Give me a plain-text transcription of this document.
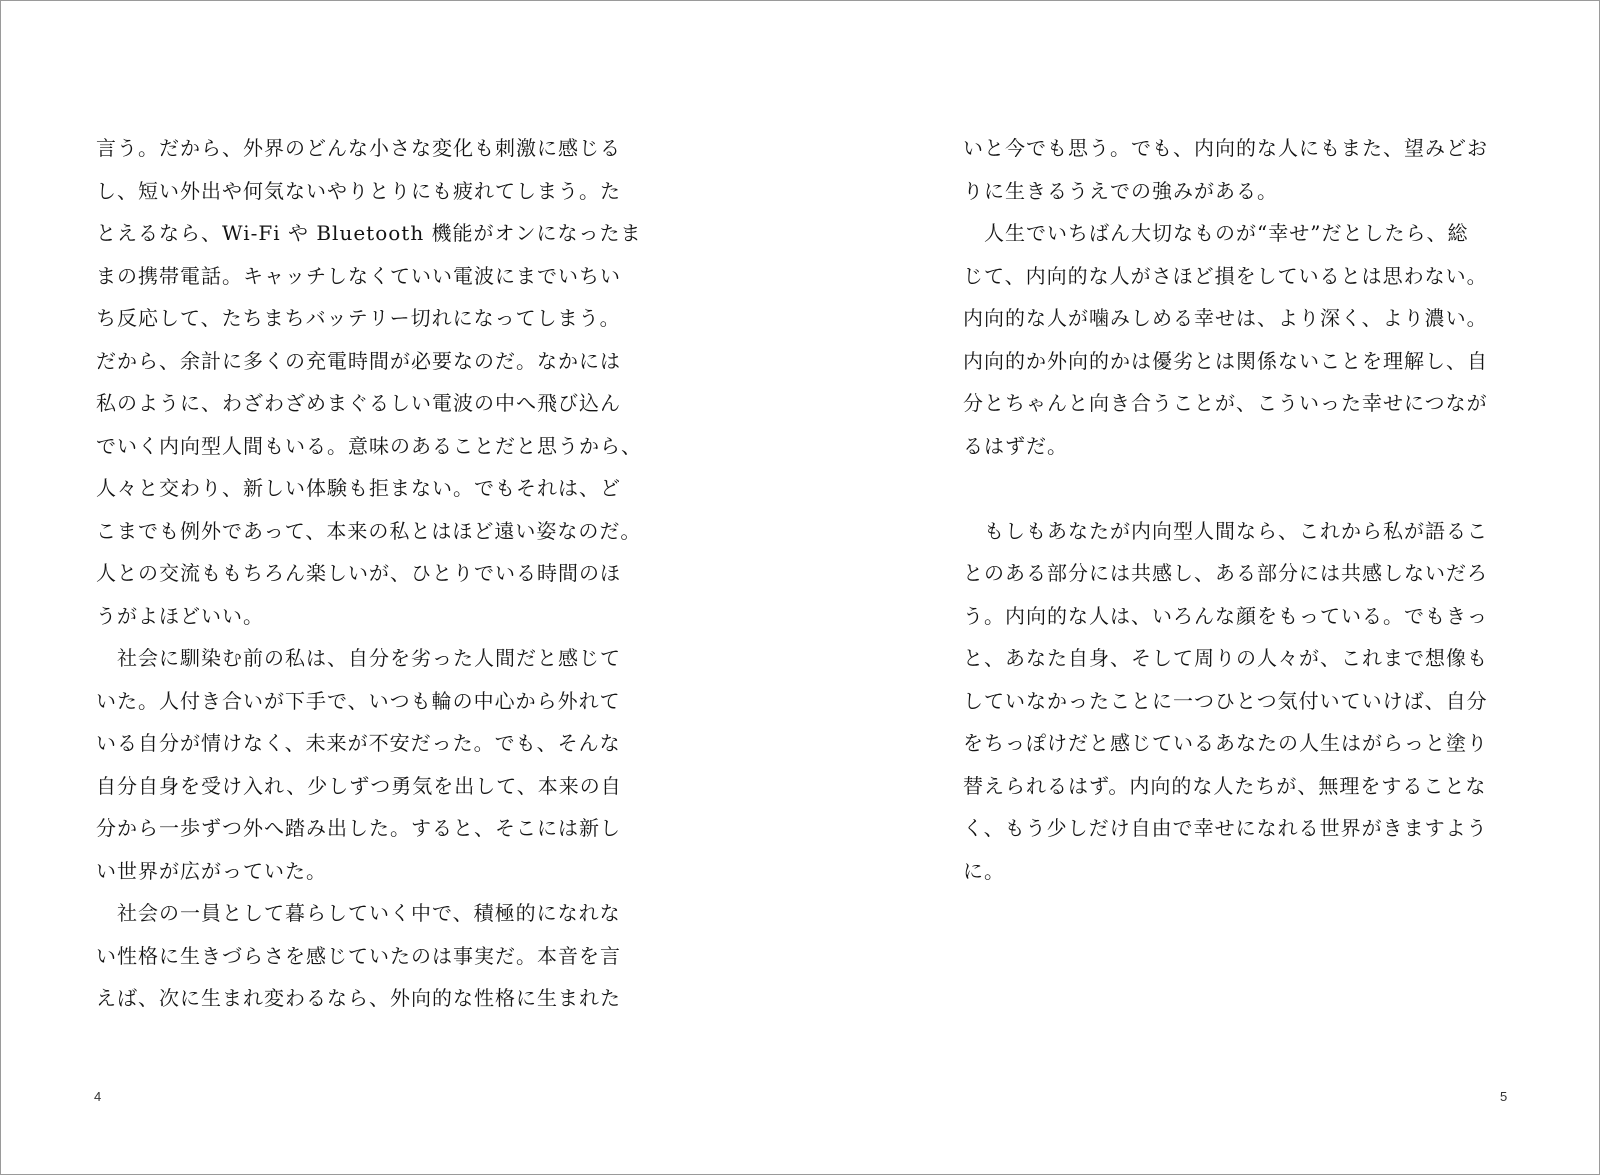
言う。だから、外界のどんな小さな変化も刺激に感じる
し、短い外出や何気ないやりとりにも疲れてしまう。た
とえるなら、Wi-Fi や Bluetooth 機能がオンになったま
まの携帯電話。キャッチしなくていい電波にまでいちい
ち反応して、たちまちバッテリー切れになってしまう。
だから、余計に多くの充電時間が必要なのだ。なかには
私のように、わざわざめまぐるしい電波の中へ飛び込ん
でいく内向型人間もいる。意味のあることだと思うから、
人々と交わり、新しい体験も拒まない。でもそれは、ど
こまでも例外であって、本来の私とはほど遠い姿なのだ。
人との交流ももちろん楽しいが、ひとりでいる時間のほ
うがよほどいい。
　社会に馴染む前の私は、自分を劣った人間だと感じて
いた。人付き合いが下手で、いつも輪の中心から外れて
いる自分が情けなく、未来が不安だった。でも、そんな
自分自身を受け入れ、少しずつ勇気を出して、本来の自
分から一歩ずつ外へ踏み出した。すると、そこには新し
い世界が広がっていた。
　社会の一員として暮らしていく中で、積極的になれな
い性格に生きづらさを感じていたのは事実だ。本音を言
えば、次に生まれ変わるなら、外向的な性格に生まれた
4
いと今でも思う。でも、内向的な人にもまた、望みどお
りに生きるうえでの強みがある。
　人生でいちばん大切なものが“幸せ”だとしたら、総
じて、内向的な人がさほど損をしているとは思わない。
内向的な人が噛みしめる幸せは、より深く、より濃い。
内向的か外向的かは優劣とは関係ないことを理解し、自
分とちゃんと向き合うことが、こういった幸せにつなが
るはずだ。
　もしもあなたが内向型人間なら、これから私が語るこ
とのある部分には共感し、ある部分には共感しないだろ
う。内向的な人は、いろんな顔をもっている。でもきっ
と、あなた自身、そして周りの人々が、これまで想像も
していなかったことに一つひとつ気付いていけば、自分
をちっぽけだと感じているあなたの人生はがらっと塗り
替えられるはず。内向的な人たちが、無理をすることな
く、もう少しだけ自由で幸せになれる世界がきますよう
に。
5
